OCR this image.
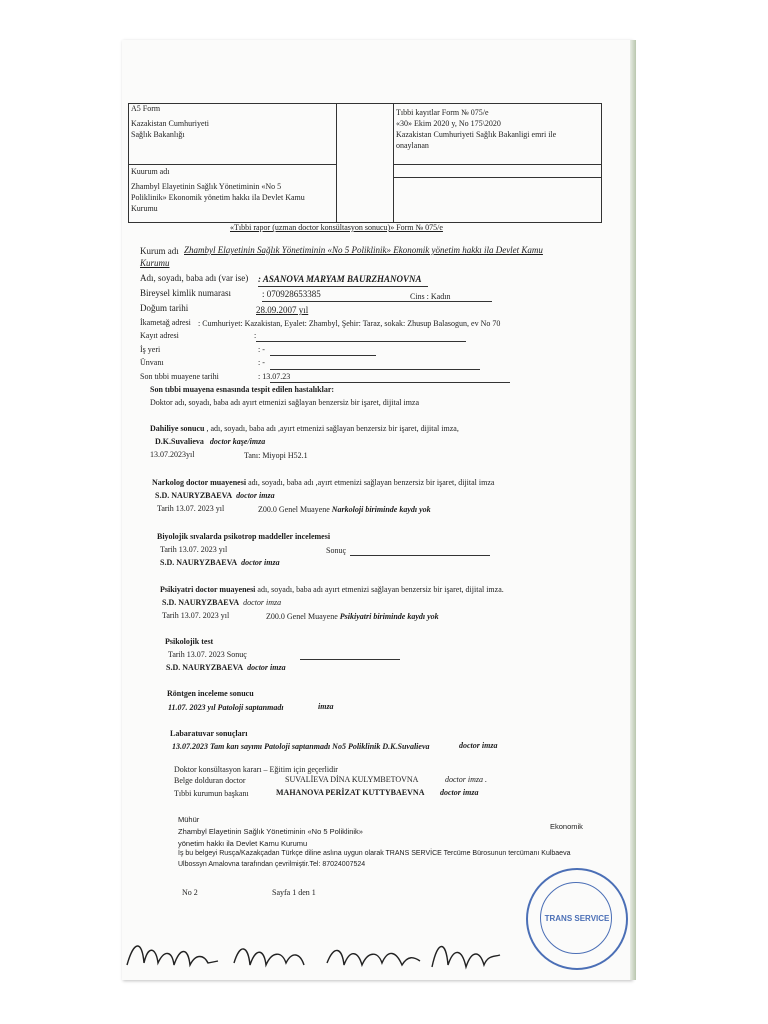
A5 Form
Kazakistan Cumhuriyeti
Sağlık Bakanlığı
Kuurum adı
Zhambyl Elayetinin Sağlık Yönetiminin «No 5
Poliklinik» Ekonomik yönetim hakkı ila Devlet Kamu
Kurumu
Tıbbi kayıtlar Form № 075/e
«30» Ekim 2020 y, No 175\2020
Kazakistan Cumhuriyeti Sağlık Bakanligi emri ile
onaylanan
«Tıbbi rapor (uzman doctor konsültasyon sonucu)» Form № 075/e
Kurum adı Zhambyl Elayetinin Sağlık Yönetiminin «No 5 Poliklinik» Ekonomik yönetim hakkı ila Devlet Kamu
Kurumu
Adı, soyadı, baba adı (var ise) : ASANOVA MARYAM BAURZHANOVNA
Bireysel kimlik numarası	: 070928653385	Cins : Kadın
Doğum tarihi	28.09.2007 yıl
İkametağ adresi : Cumhuriyet: Kazakistan, Eyalet: Zhambyl, Şehir: Taraz, sokak: Zhusup Balasogun, ev No 70
Kayıt adresi	:
İş yeri	: -
Ünvanı	: -
Son tıbbi muayene tarihi	: 13.07.23
Son tıbbi muayena esnasında tespit edilen hastalıklar:
Doktor adı, soyadı, baba adı ayırt etmenizi sağlayan benzersiz bir işaret, dijital imza
Dahiliye sonucu , adı, soyadı, baba adı ,ayırt etmenizi sağlayan benzersiz bir işaret, dijital imza,
D.K.Suvalieva doctor kaşe/imza
13.07.2023yıl	Tanı: Miyopi H52.1
Narkolog doctor muayenesi adı, soyadı, baba adı ,ayırt etmenizi sağlayan benzersiz bir işaret, dijital imza
S.D. NAURYZBAEVA doctor imza
Tarih 13.07. 2023 yıl	Z00.0 Genel Muayene Narkoloji biriminde kaydı yok
Biyolojik sıvalarda psikotrop maddeller incelemesi
Tarih 13.07. 2023 yıl	Sonuç
S.D. NAURYZBAEVA doctor imza
Psikiyatri doctor muayenesi adı, soyadı, baba adı ayırt etmenizi sağlayan benzersiz bir işaret, dijital imza.
S.D. NAURYZBAEVA doctor imza
Tarih 13.07. 2023 yıl	Z00.0 Genel Muayene Psikiyatri biriminde kaydı yok
Psikolojik test
Tarih 13.07. 2023 Sonuç
S.D. NAURYZBAEVA doctor imza
Röntgen inceleme sonucu
11.07. 2023 yıl Patoloji saptanmadı	imza
Labaratuvar sonuçları
13.07.2023 Tam kan sayımı Patoloji saptanmadı No5 Poliklinik D.K.Suvalieva	doctor imza
Doktor konsültasyon kararı – Eğitim için geçerlidir
Belge dolduran doctor	SUVALİEVA DİNA KULYMBETOVNA	doctor imza .
Tıbbi kurumun başkanı	MAHANOVA PERİZAT KUTTYBAEVNA doctor imza
Mühür
Zhambyl Elayetinin Sağlık Yönetiminin «No 5 Poliklinik»
Ekonomik
yönetim hakkı ila Devlet Kamu Kurumu
İş bu belgeyi Rusça/Kazakçadan Türkçe diline aslına uygun olarak TRANS SERVİCE Tercüme Bürosunun tercümanı Kulbaeva
Ulbossyn Amalovna tarafından çevrilmiştir.Tel: 87024007524
No 2	Sayfa 1 den 1
TRANS SERVICE
